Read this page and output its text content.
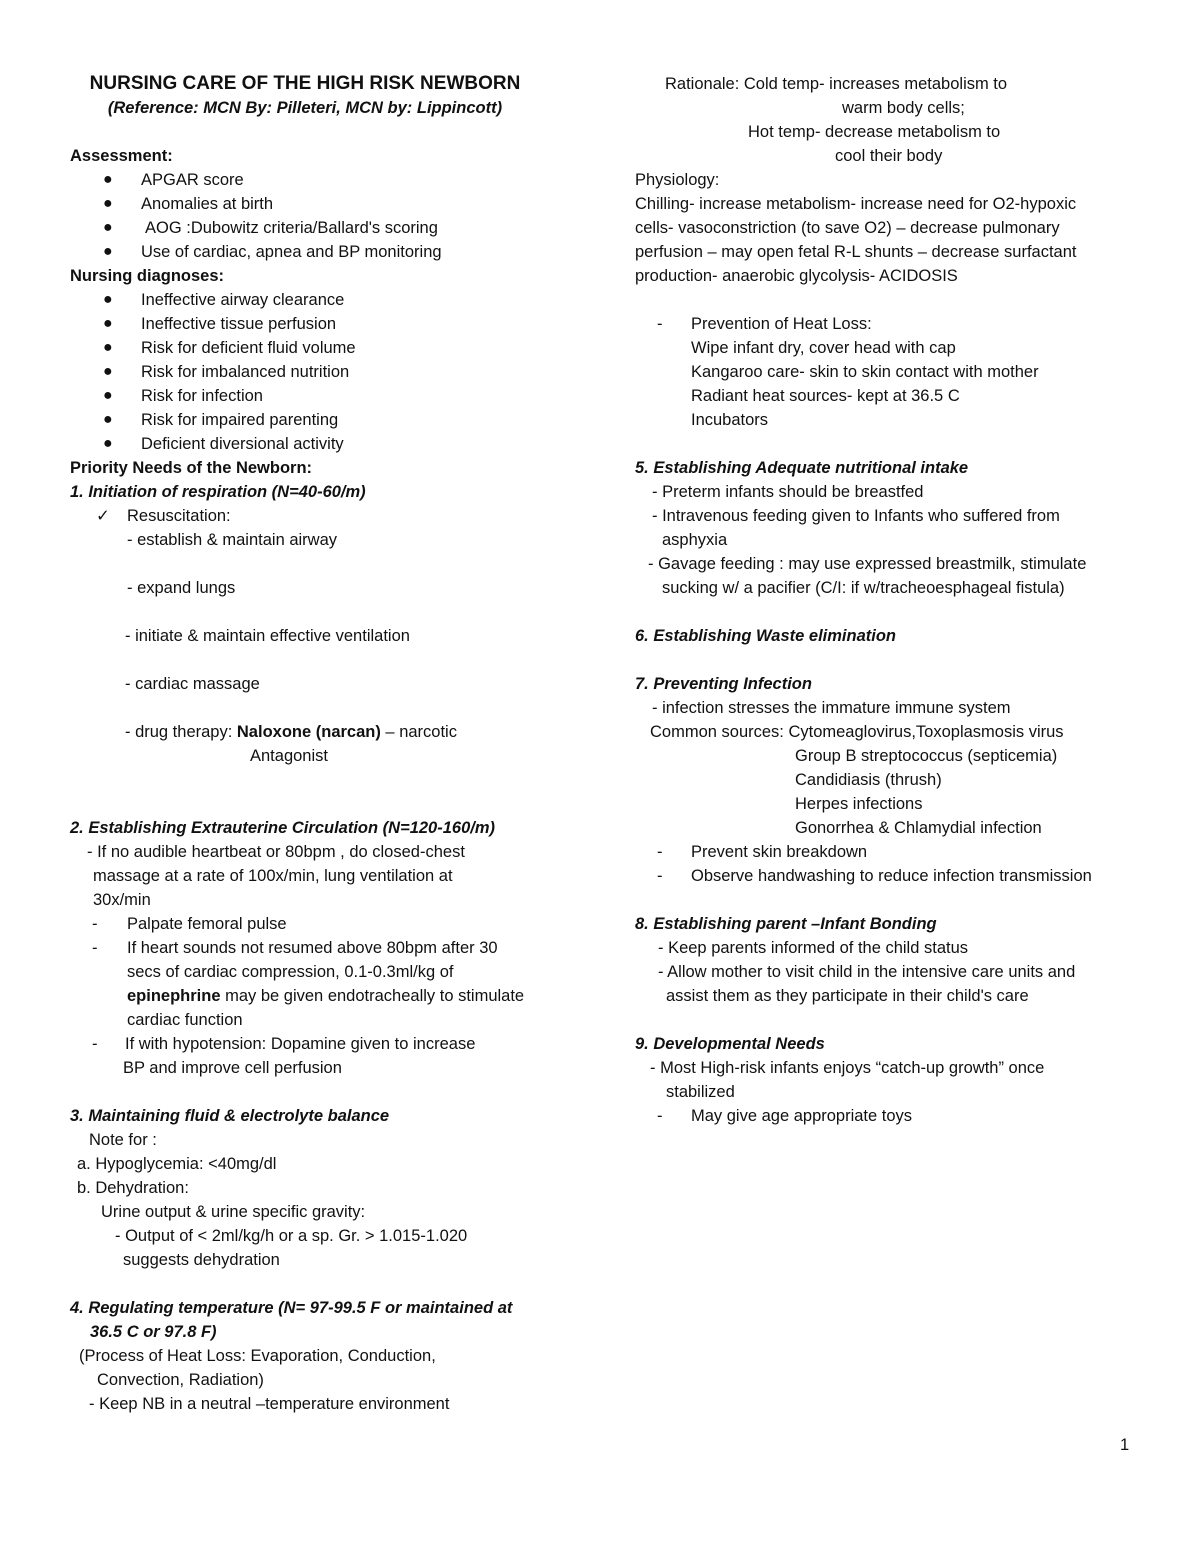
NURSING CARE OF THE HIGH RISK NEWBORN
(Reference: MCN By: Pilleteri, MCN by: Lippincott)
Assessment:
● APGAR score
● Anomalies at birth
● AOG :Dubowitz criteria/Ballard's scoring
● Use of cardiac, apnea and BP monitoring
Nursing diagnoses:
● Ineffective airway clearance
● Ineffective tissue perfusion
● Risk for deficient fluid volume
● Risk for imbalanced nutrition
● Risk for infection
● Risk for impaired parenting
● Deficient diversional activity
Priority Needs of the Newborn:
1. Initiation of respiration (N=40-60/m)
✓ Resuscitation:
- establish & maintain airway
- expand lungs
- initiate & maintain effective ventilation
- cardiac massage
- drug therapy: Naloxone (narcan) – narcotic
Antagonist
2. Establishing Extrauterine Circulation (N=120-160/m)
- If no audible heartbeat or 80bpm , do closed-chest
massage at a rate of 100x/min, lung ventilation at
30x/min
- Palpate femoral pulse
- If heart sounds not resumed above 80bpm after 30
secs of cardiac compression, 0.1-0.3ml/kg of
epinephrine may be given endotracheally to stimulate
cardiac function
- If with hypotension: Dopamine given to increase
BP and improve cell perfusion
3. Maintaining fluid & electrolyte balance
Note for :
a. Hypoglycemia: <40mg/dl
b. Dehydration:
Urine output & urine specific gravity:
- Output of < 2ml/kg/h or a sp. Gr. > 1.015-1.020
suggests dehydration
4. Regulating temperature (N= 97-99.5 F or maintained at
36.5 C or 97.8 F)
(Process of Heat Loss: Evaporation, Conduction,
Convection, Radiation)
- Keep NB in a neutral –temperature environment
Rationale: Cold temp- increases metabolism to
warm body cells;
Hot temp- decrease metabolism to
cool their body
Physiology:
Chilling- increase metabolism- increase need for O2-hypoxic
cells- vasoconstriction (to save O2) – decrease pulmonary
perfusion – may open fetal R-L shunts – decrease surfactant
production- anaerobic glycolysis- ACIDOSIS
- Prevention of Heat Loss:
Wipe infant dry, cover head with cap
Kangaroo care- skin to skin contact with mother
Radiant heat sources- kept at 36.5 C
Incubators
5. Establishing Adequate nutritional intake
- Preterm infants should be breastfed
- Intravenous feeding given to Infants who suffered from
asphyxia
- Gavage feeding : may use expressed breastmilk, stimulate
sucking w/ a pacifier (C/I: if w/tracheoesphageal fistula)
6. Establishing Waste elimination
7. Preventing Infection
- infection stresses the immature immune system
Common sources: Cytomeaglovirus,Toxoplasmosis virus
Group B streptococcus (septicemia)
Candidiasis (thrush)
Herpes infections
Gonorrhea & Chlamydial infection
- Prevent skin breakdown
- Observe handwashing to reduce infection transmission
8. Establishing parent –Infant Bonding
- Keep parents informed of the child status
- Allow mother to visit child in the intensive care units and
assist them as they participate in their child's care
9. Developmental Needs
- Most High-risk infants enjoys “catch-up growth” once
stabilized
- May give age appropriate toys
1
